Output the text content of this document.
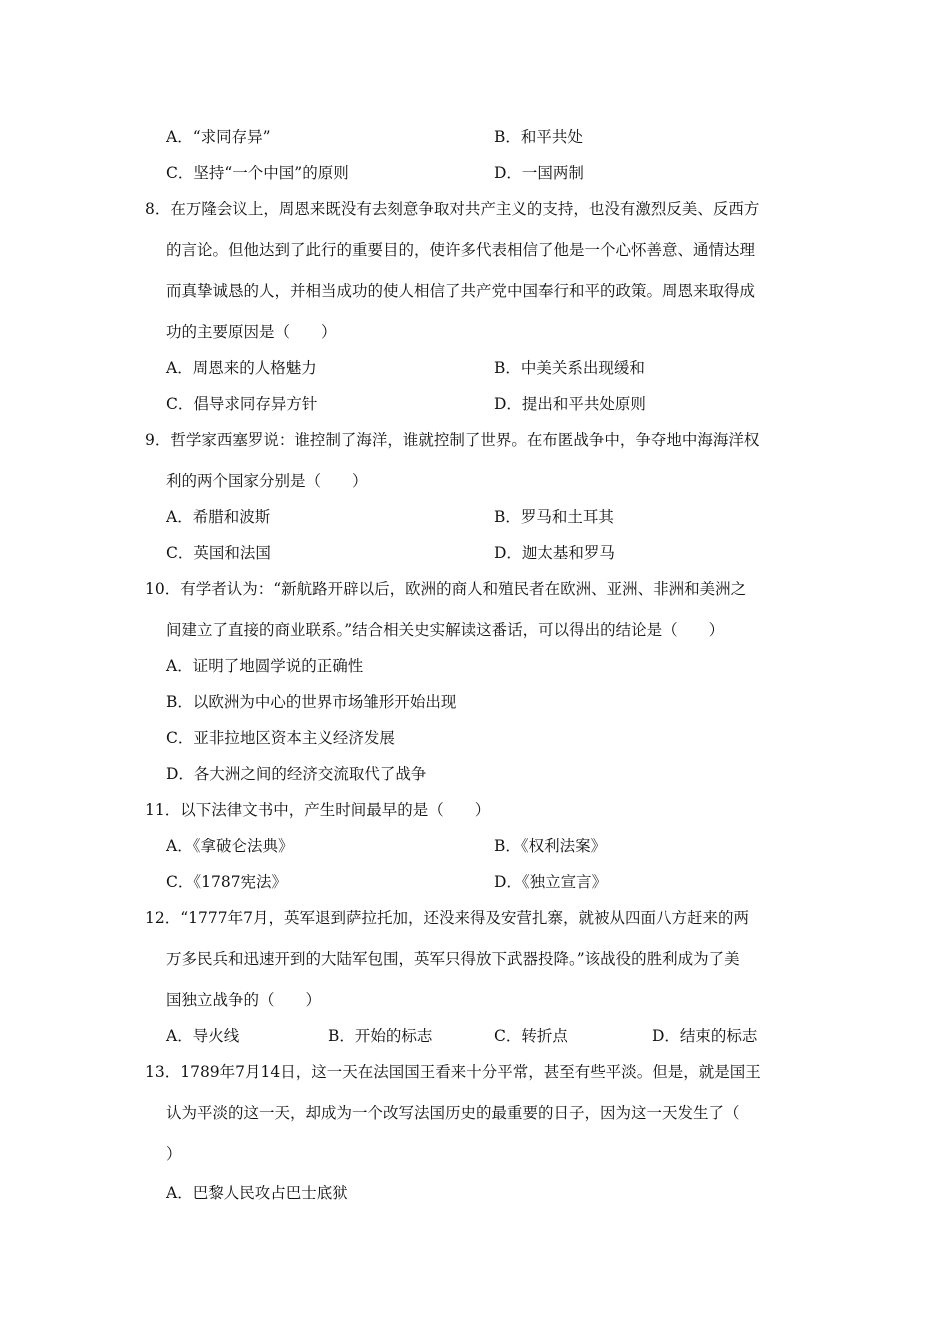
A．“求同存异”	B．和平共处
C．坚持“一个中国”的原则	D．一国两制
8．在万隆会议上，周恩来既没有去刻意争取对共产主义的支持，也没有激烈反美、反西方
的言论。但他达到了此行的重要目的，使许多代表相信了他是一个心怀善意、通情达理
而真挚诚恳的人，并相当成功的使人相信了共产党中国奉行和平的政策。周恩来取得成
功的主要原因是（　　）
A．周恩来的人格魅力	B．中美关系出现缓和
C．倡导求同存异方针	D．提出和平共处原则
9．哲学家西塞罗说：谁控制了海洋，谁就控制了世界。在布匿战争中，争夺地中海海洋权
利的两个国家分别是（　　）
A．希腊和波斯	B．罗马和土耳其
C．英国和法国	D．迦太基和罗马
10．有学者认为：“新航路开辟以后，欧洲的商人和殖民者在欧洲、亚洲、非洲和美洲之
间建立了直接的商业联系。”结合相关史实解读这番话，可以得出的结论是（　　）
A．证明了地圆学说的正确性
B．以欧洲为中心的世界市场雏形开始出现
C．亚非拉地区资本主义经济发展
D．各大洲之间的经济交流取代了战争
11．以下法律文书中，产生时间最早的是（　　）
A．《拿破仑法典》	B．《权利法案》
C．《1787宪法》	D．《独立宣言》
12．“1777年7月，英军退到萨拉托加，还没来得及安营扎寨，就被从四面八方赶来的两
万多民兵和迅速开到的大陆军包围，英军只得放下武器投降。”该战役的胜利成为了美
国独立战争的（　　）
A．导火线	B．开始的标志	C．转折点	D．结束的标志
13．1789年7月14日，这一天在法国国王看来十分平常，甚至有些平淡。但是，就是国王
认为平淡的这一天，却成为一个改写法国历史的最重要的日子，因为这一天发生了（
）
A．巴黎人民攻占巴士底狱
